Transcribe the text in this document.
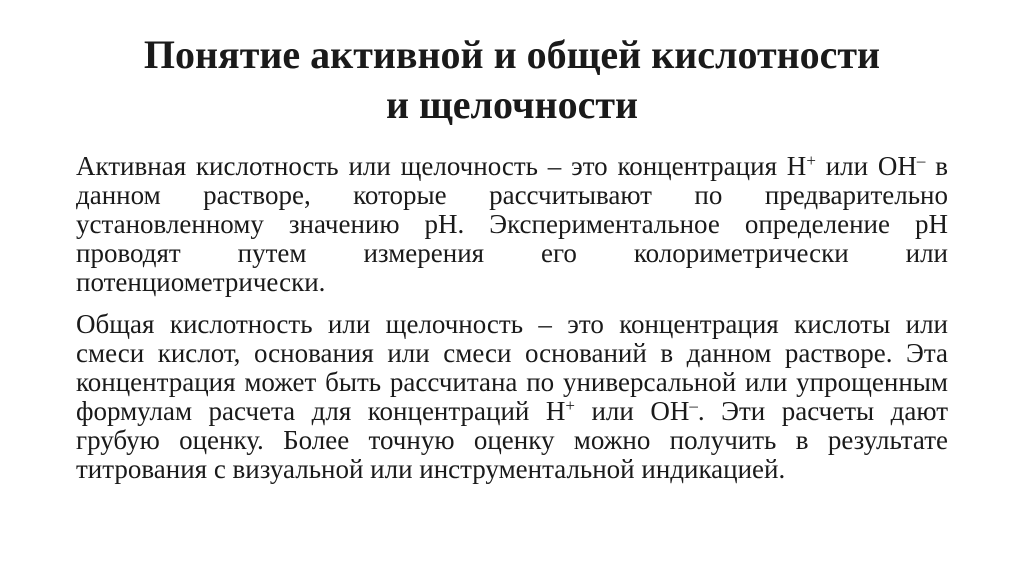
Понятие активной и общей кислотности
и щелочности

Активная кислотность или щелочность – это концентрация H+ или OH– в данном растворе, которые рассчитывают по предварительно установленному значению pH. Экспериментальное определение pH проводят путем измерения его колориметрически или потенциометрически.

Общая кислотность или щелочность – это концентрация кислоты или смеси кислот, основания или смеси оснований в данном растворе. Эта концентрация может быть рассчитана по универсальной или упрощенным формулам расчета для концентраций H+ или OH–. Эти расчеты дают грубую оценку. Более точную оценку можно получить в результате титрования с визуальной или инструментальной индикацией.
